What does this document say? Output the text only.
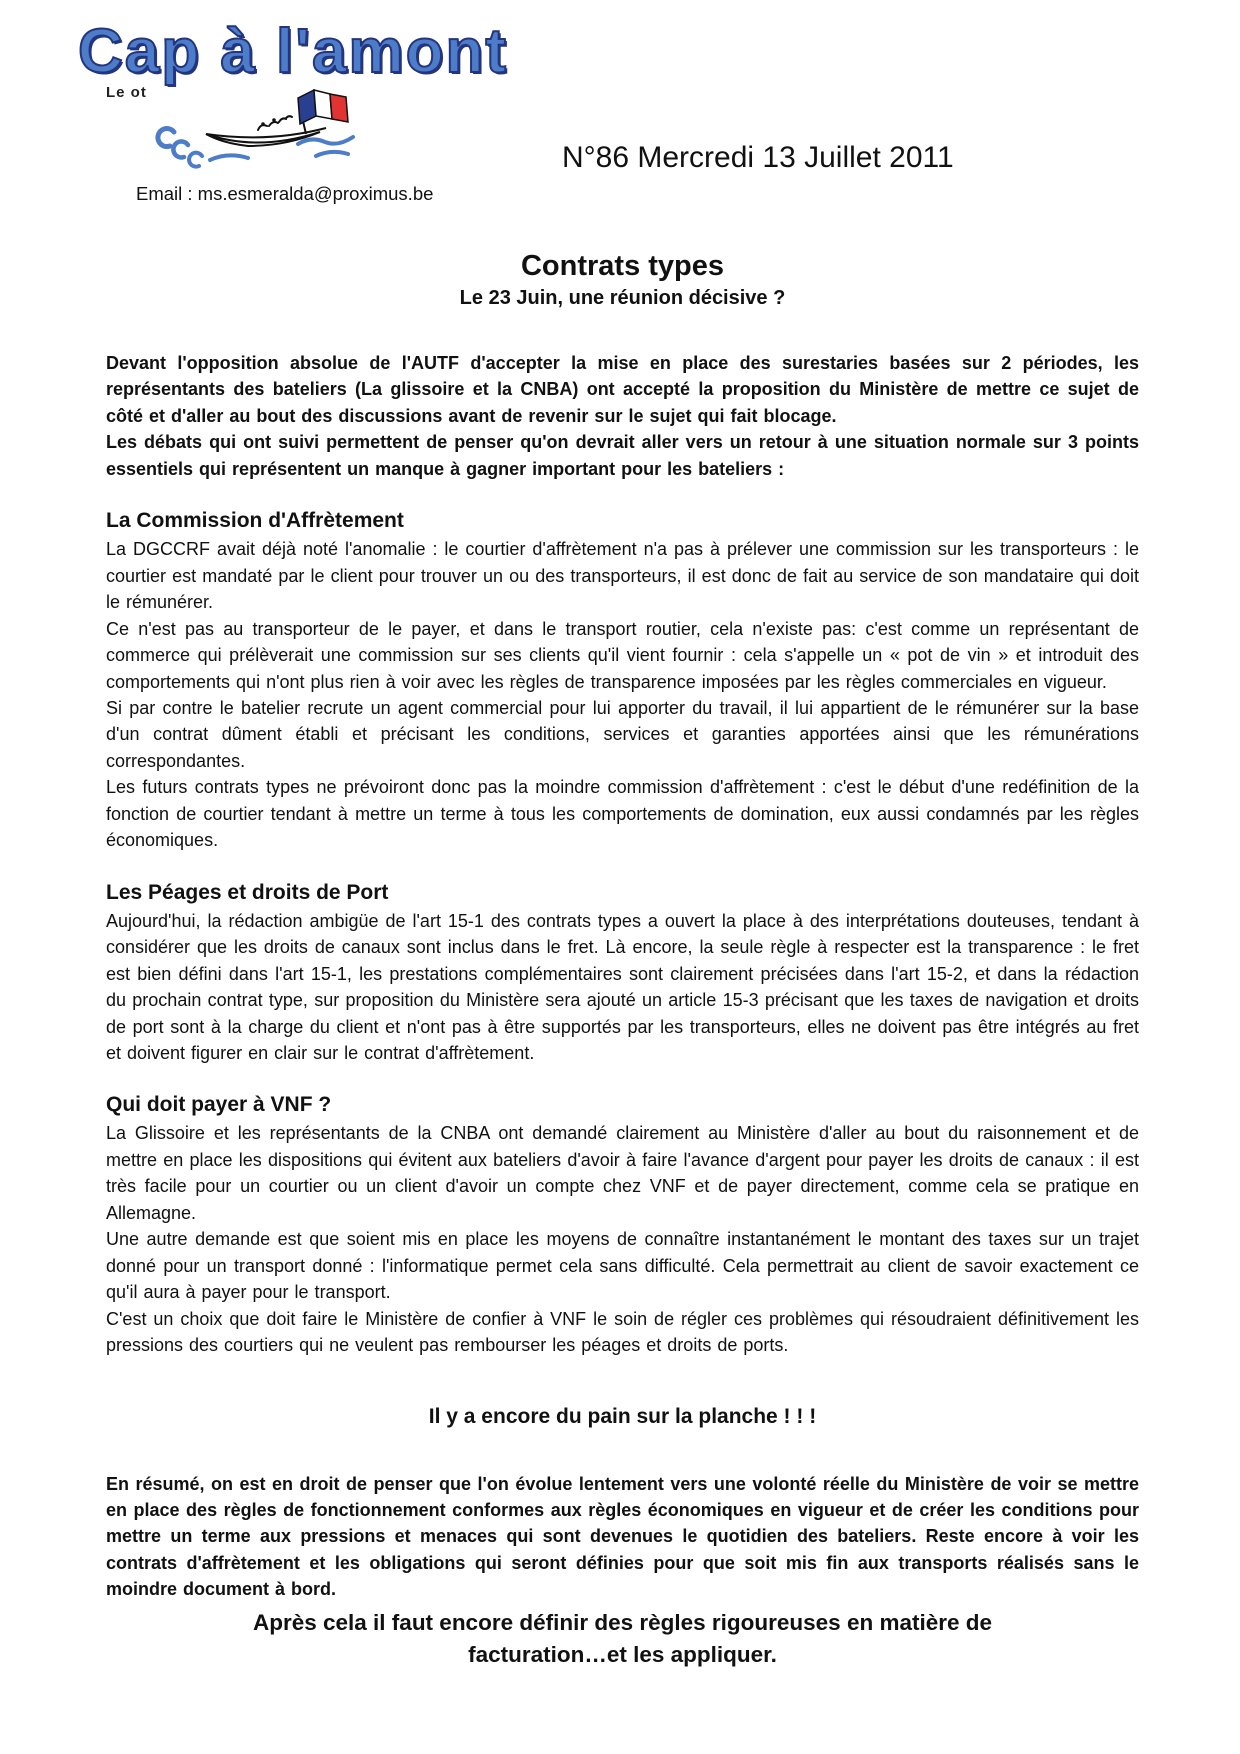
Le ot
Cap à l'amont
Email : ms.esmeralda@proximus.be
N°86 Mercredi 13 Juillet 2011
Contrats types
Le 23 Juin, une réunion décisive ?

Devant l'opposition absolue de l'AUTF d'accepter la mise en place des surestaries basées sur 2 périodes, les représentants des bateliers (La glissoire et la CNBA) ont accepté la proposition du Ministère de mettre ce sujet de côté et d'aller au bout des discussions avant de revenir sur le sujet qui fait blocage.

Les débats qui ont suivi permettent de penser qu'on devrait aller vers un retour à une situation normale sur 3 points essentiels qui représentent un manque à gagner important pour les bateliers :

La Commission d'Affrètement

La DGCCRF avait déjà noté l'anomalie : le courtier d'affrètement n'a pas à prélever une commission sur les transporteurs : le courtier est mandaté par le client pour trouver un ou des transporteurs, il est donc de fait au service de son mandataire qui doit le rémunérer.

Ce n'est pas au transporteur de le payer, et dans le transport routier, cela n'existe pas: c'est comme un représentant de commerce qui prélèverait une commission sur ses clients qu'il vient fournir : cela s'appelle un « pot de vin » et introduit des comportements qui n'ont plus rien à voir avec les règles de transparence imposées par les règles commerciales en vigueur.

Si par contre le batelier recrute un agent commercial pour lui apporter du travail, il lui appartient de le rémunérer sur la base d'un contrat dûment établi et précisant les conditions, services et garanties apportées ainsi que les rémunérations correspondantes.

Les futurs contrats types ne prévoiront donc pas la moindre commission d'affrètement : c'est le début d'une redéfinition de la fonction de courtier tendant à mettre un terme à tous les comportements de domination, eux aussi condamnés par les règles économiques.

Les Péages et droits de Port

Aujourd'hui, la rédaction ambigüe de l'art 15-1 des contrats types a ouvert la place à des interprétations douteuses, tendant à considérer que les droits de canaux sont inclus dans le fret. Là encore, la seule règle à respecter est la transparence : le fret est bien défini dans l'art 15-1, les prestations complémentaires sont clairement précisées dans l'art 15-2, et dans la rédaction du prochain contrat type, sur proposition du Ministère sera ajouté un article 15-3 précisant que les taxes de navigation et droits de port sont à la charge du client et n'ont pas à être supportés par les transporteurs, elles ne doivent pas être intégrés au fret et doivent figurer en clair sur le contrat d'affrètement.

Qui doit payer à VNF ?

La Glissoire et les représentants de la CNBA ont demandé clairement au Ministère d'aller au bout du raisonnement et de mettre en place les dispositions qui évitent aux bateliers d'avoir à faire l'avance d'argent pour payer les droits de canaux : il est très facile pour un courtier ou un client d'avoir un compte chez VNF et de payer directement, comme cela se pratique en Allemagne.

Une autre demande est que soient mis en place les moyens de connaître instantanément le montant des taxes sur un trajet donné pour un transport donné : l'informatique permet cela sans difficulté. Cela permettrait au client de savoir exactement ce qu'il aura à payer pour le transport.

C'est un choix que doit faire le Ministère de confier à VNF le soin de régler ces problèmes qui résoudraient définitivement les pressions des courtiers qui ne veulent pas rembourser les péages et droits de ports.

Il y a encore du pain sur la planche ! ! !

En résumé, on est en droit de penser que l'on évolue lentement vers une volonté réelle du Ministère de voir se mettre en place des règles de fonctionnement conformes aux règles économiques en vigueur et de créer les conditions pour mettre un terme aux pressions et menaces qui sont devenues le quotidien des bateliers. Reste encore à voir les contrats d'affrètement et les obligations qui seront définies pour que soit mis fin aux transports réalisés sans le moindre document à bord.

Après cela il faut encore définir des règles rigoureuses en matière de facturation…et les appliquer.
